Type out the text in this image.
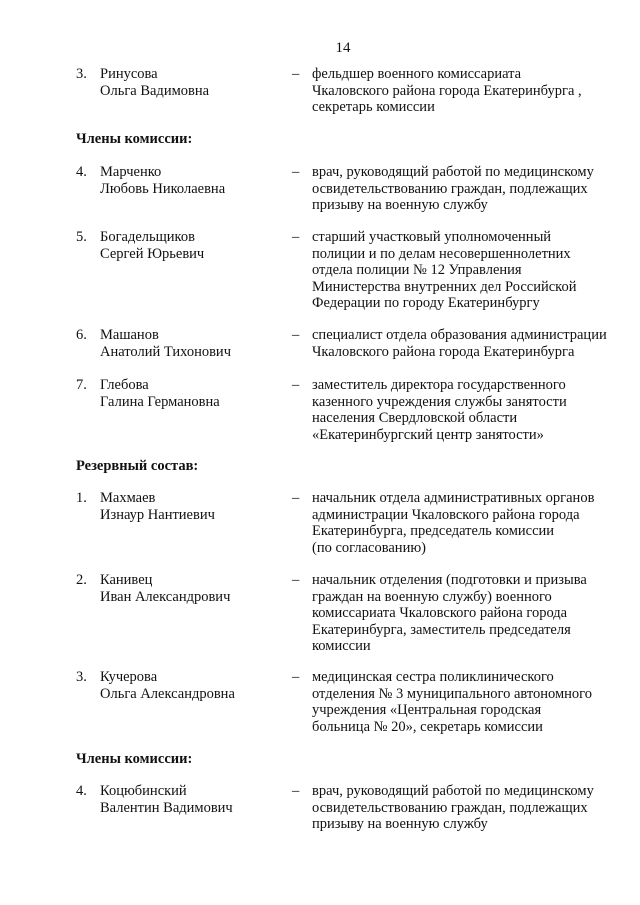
14
3. Ринусова
Ольга Вадимовна
– фельдшер военного комиссариата
Чкаловского района города Екатеринбурга ,
секретарь комиссии
Члены комиссии:
4. Марченко
Любовь Николаевна
– врач, руководящий работой по медицинскому
освидетельствованию граждан, подлежащих
призыву на военную службу
5. Богадельщиков
Сергей Юрьевич
– старший участковый уполномоченный
полиции и по делам несовершеннолетних
отдела полиции № 12 Управления
Министерства внутренних дел Российской
Федерации по городу Екатеринбургу
6. Машанов
Анатолий Тихонович
– специалист отдела образования администрации
Чкаловского района города Екатеринбурга
7. Глебова
Галина Германовна
– заместитель директора государственного
казенного учреждения службы занятости
населения Свердловской области
«Екатеринбургский центр занятости»
Резервный состав:
1. Махмаев
Изнаур Нантиевич
– начальник отдела административных органов
администрации Чкаловского района города
Екатеринбурга, председатель комиссии
(по согласованию)
2. Канивец
Иван Александрович
– начальник отделения (подготовки и призыва
граждан на военную службу) военного
комиссариата Чкаловского района города
Екатеринбурга, заместитель председателя
комиссии
3. Кучерова
Ольга Александровна
– медицинская сестра поликлинического
отделения № 3 муниципального автономного
учреждения «Центральная городская
больница № 20», секретарь комиссии
Члены комиссии:
4. Коцюбинский
Валентин Вадимович
– врач, руководящий работой по медицинскому
освидетельствованию граждан, подлежащих
призыву на военную службу
